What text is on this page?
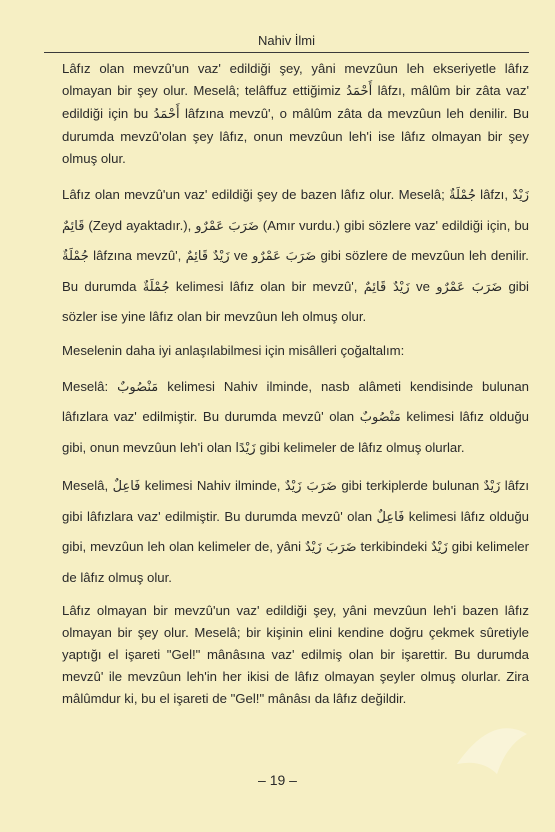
Nahiv İlmi

Lâfız olan mevzû'un vaz' edildiği şey, yâni mevzûun leh ekseriyetle lâfız olmayan bir şey olur. Meselâ; telâffuz ettiğimiz أَحْمَدُ lâfzı, mâlûm bir zâta vaz' edildiği için bu أَحْمَدُ lâfzına mevzû', o mâlûm zâta da mevzûun leh denilir. Bu durumda mevzû'olan şey lâfız, onun mevzûun leh'i ise lâfız olmayan bir şey olmuş olur.

Lâfız olan mevzû'un vaz' edildiği şey de bazen lâfız olur. Meselâ; جُمْلَةٌ lâfzı, زَيْدٌ قَائِمٌ (Zeyd ayaktadır.), ضَرَبَ عَمْرٌو (Amır vurdu.) gibi sözlere vaz' edildiği için, bu جُمْلَةٌ lâfzına mevzû', زَيْدٌ قَائِمٌ ve ضَرَبَ عَمْرٌو gibi sözlere de mevzûun leh denilir. Bu durumda جُمْلَةٌ kelimesi lâfız olan bir mevzû', زَيْدٌ قَائِمٌ ve ضَرَبَ عَمْرٌو gibi sözler ise yine lâfız olan bir mevzûun leh olmuş olur.

Meselenin daha iyi anlaşılabilmesi için misâlleri çoğaltalım:

Meselâ: مَنْصُوبٌ kelimesi Nahiv ilminde, nasb alâmeti kendisinde bulunan lâfızlara vaz' edilmiştir. Bu durumda mevzû' olan مَنْصُوبٌ kelimesi lâfız olduğu gibi, onun mevzûun leh'i olan زَيْدًا gibi kelimeler de lâfız olmuş olurlar.

Meselâ, فَاعِلٌ kelimesi Nahiv ilminde, ضَرَبَ زَيْدٌ gibi terkiplerde bulunan زَيْدٌ lâfzı gibi lâfızlara vaz' edilmiştir. Bu durumda mevzû' olan فَاعِلٌ kelimesi lâfız olduğu gibi, mevzûun leh olan kelimeler de, yâni ضَرَبَ زَيْدٌ terkibindeki زَيْدٌ gibi kelimeler de lâfız olmuş olur.

Lâfız olmayan bir mevzû'un vaz' edildiği şey, yâni mevzûun leh'i bazen lâfız olmayan bir şey olur. Meselâ; bir kişinin elini kendine doğru çekmek sûretiyle yaptığı el işareti "Gel!" mânâsına vaz' edilmiş olan bir işarettir. Bu durumda mevzû' ile mevzûun leh'in her ikisi de lâfız olmayan şeyler olmuş olurlar. Zira mâlûmdur ki, bu el işareti de "Gel!" mânâsı da lâfız değildir.

– 19 –
